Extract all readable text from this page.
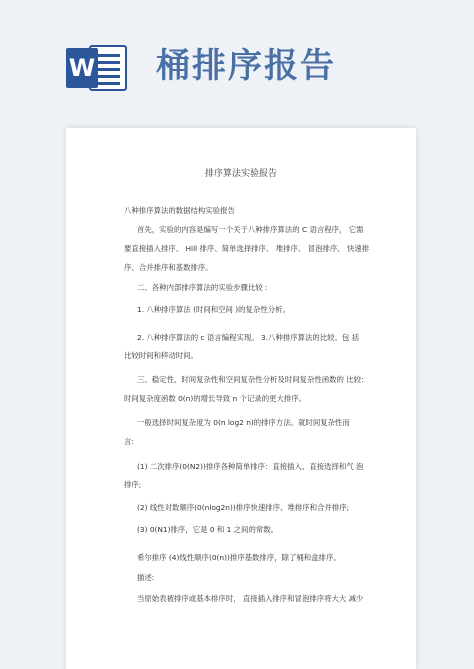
W 桶排序报告
排序算法实验报告
八种排序算法的数据结构实验报告
首先，实验的内容是编写一个关于八种排序算法的 C 语言程序， 它需
要直接插入排序、 Hill 排序、简单选择排序、 堆排序、 冒泡排序、 快速排
序、合并排序和基数排序。
二、各种内部排序算法的实验步骤比较 :
1. 八种排序算法 (时间和空间 )的复杂性分析。
2. 八种排序算法的 c 语言编程实现。 3.八种排序算法的比较。包 括
比较时间和移动时间。
三、稳定性、时间复杂性和空间复杂性分析及时间复杂性函数的 比较:
时间复杂度函数 0(n)的增长导致 n 个记录的更大排序。
一般选择时间复杂度为 0(n log2 n)的排序方法。就时间复杂性而
言:
(1) 二次排序(0(N2))排序各种简单排序：直接插入、直接选择和气 泡
排序;
(2) 线性对数顺序(0(nlog2n))排序快速排序、堆排序和合并排序;
(3) 0(N1)排序，它是 0 和 1 之间的常数。
希尔排序 (4)线性顺序(0(n))排序基数排序，除了桶和盒排序。
描述:
当原始表被排序或基本排序时， 直接插入排序和冒泡排序将大大 减少
